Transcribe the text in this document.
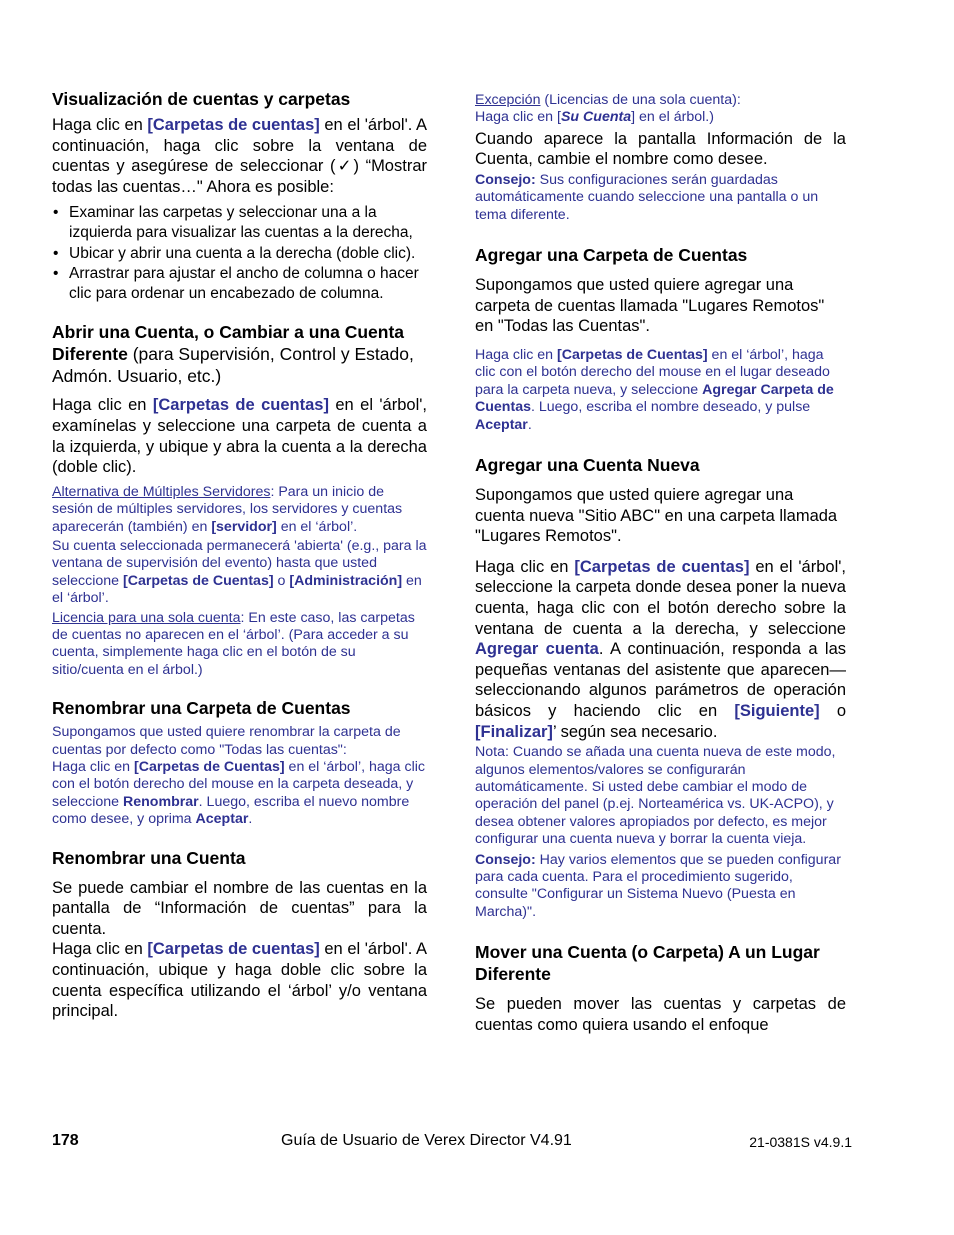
Visualización de cuentas y carpetas

Haga clic en [Carpetas de cuentas] en el 'árbol'. A continuación, haga clic sobre la ventana de cuentas y asegúrese de seleccionar (✓) “Mostrar todas las cuentas…" Ahora es posible:

• Examinar las carpetas y seleccionar una a la izquierda para visualizar las cuentas a la derecha,
• Ubicar y abrir una cuenta a la derecha (doble clic).
• Arrastrar para ajustar el ancho de columna o hacer clic para ordenar un encabezado de columna.
Abrir una Cuenta, o Cambiar a una Cuenta Diferente (para Supervisión, Control y Estado, Admón. Usuario, etc.)

Haga clic en [Carpetas de cuentas] en el 'árbol', examínelas y seleccione una carpeta de cuenta a la izquierda, y ubique y abra la cuenta a la derecha (doble clic).

Alternativa de Múltiples Servidores: Para un inicio de sesión de múltiples servidores, los servidores y cuentas aparecerán (también) en [servidor] en el ‘árbol’.

Su cuenta seleccionada permanecerá 'abierta' (e.g., para la ventana de supervisión del evento) hasta que usted seleccione [Carpetas de Cuentas] o [Administración] en el ‘árbol’.

Licencia para una sola cuenta: En este caso, las carpetas de cuentas no aparecen en el ‘árbol’. (Para acceder a su cuenta, simplemente haga clic en el botón de su sitio/cuenta en el árbol.)

Renombrar una Carpeta de Cuentas

Supongamos que usted quiere renombrar la carpeta de cuentas por defecto como "Todas las cuentas":

Haga clic en [Carpetas de Cuentas] en el ‘árbol’, haga clic con el botón derecho del mouse en la carpeta deseada, y seleccione Renombrar. Luego, escriba el nuevo nombre como desee, y oprima Aceptar.

Renombrar una Cuenta

Se puede cambiar el nombre de las cuentas en la pantalla de “Información de cuentas” para la cuenta.

Haga clic en [Carpetas de cuentas] en el 'árbol'. A continuación, ubique y haga doble clic sobre la cuenta específica utilizando el ‘árbol’ y/o ventana principal.

Excepción (Licencias de una sola cuenta):

Haga clic en [Su Cuenta] en el árbol.)

Cuando aparece la pantalla Información de la Cuenta, cambie el nombre como desee.

Consejo: Sus configuraciones serán guardadas automáticamente cuando seleccione una pantalla o un tema diferente.

Agregar una Carpeta de Cuentas

Supongamos que usted quiere agregar una carpeta de cuentas llamada "Lugares Remotos" en "Todas las Cuentas".

Haga clic en [Carpetas de Cuentas] en el ‘árbol’, haga clic con el botón derecho del mouse en el lugar deseado para la carpeta nueva, y seleccione Agregar Carpeta de Cuentas. Luego, escriba el nombre deseado, y pulse Aceptar.

Agregar una Cuenta Nueva

Supongamos que usted quiere agregar una cuenta nueva "Sitio ABC" en una carpeta llamada "Lugares Remotos".

Haga clic en [Carpetas de cuentas] en el 'árbol', seleccione la carpeta donde desea poner la nueva cuenta, haga clic con el botón derecho sobre la ventana de cuenta a la derecha, y seleccione Agregar cuenta. A continuación, responda a las pequeñas ventanas del asistente que aparecen—seleccionando algunos parámetros de operación básicos y haciendo clic en [Siguiente] o [Finalizar]’ según sea necesario.

Nota: Cuando se añada una cuenta nueva de este modo, algunos elementos/valores se configurarán automáticamente. Si usted debe cambiar el modo de operación del panel (p.ej. Norteamérica vs. UK-ACPO), y desea obtener valores apropiados por defecto, es mejor configurar una cuenta nueva y borrar la cuenta vieja.

Consejo: Hay varios elementos que se pueden configurar para cada cuenta. Para el procedimiento sugerido, consulte "Configurar un Sistema Nuevo (Puesta en Marcha)".

Mover una Cuenta (o Carpeta) A un Lugar Diferente

Se pueden mover las cuentas y carpetas de cuentas como quiera usando el enfoque

178	Guía de Usuario de Verex Director V4.91	21-0381S v4.9.1
